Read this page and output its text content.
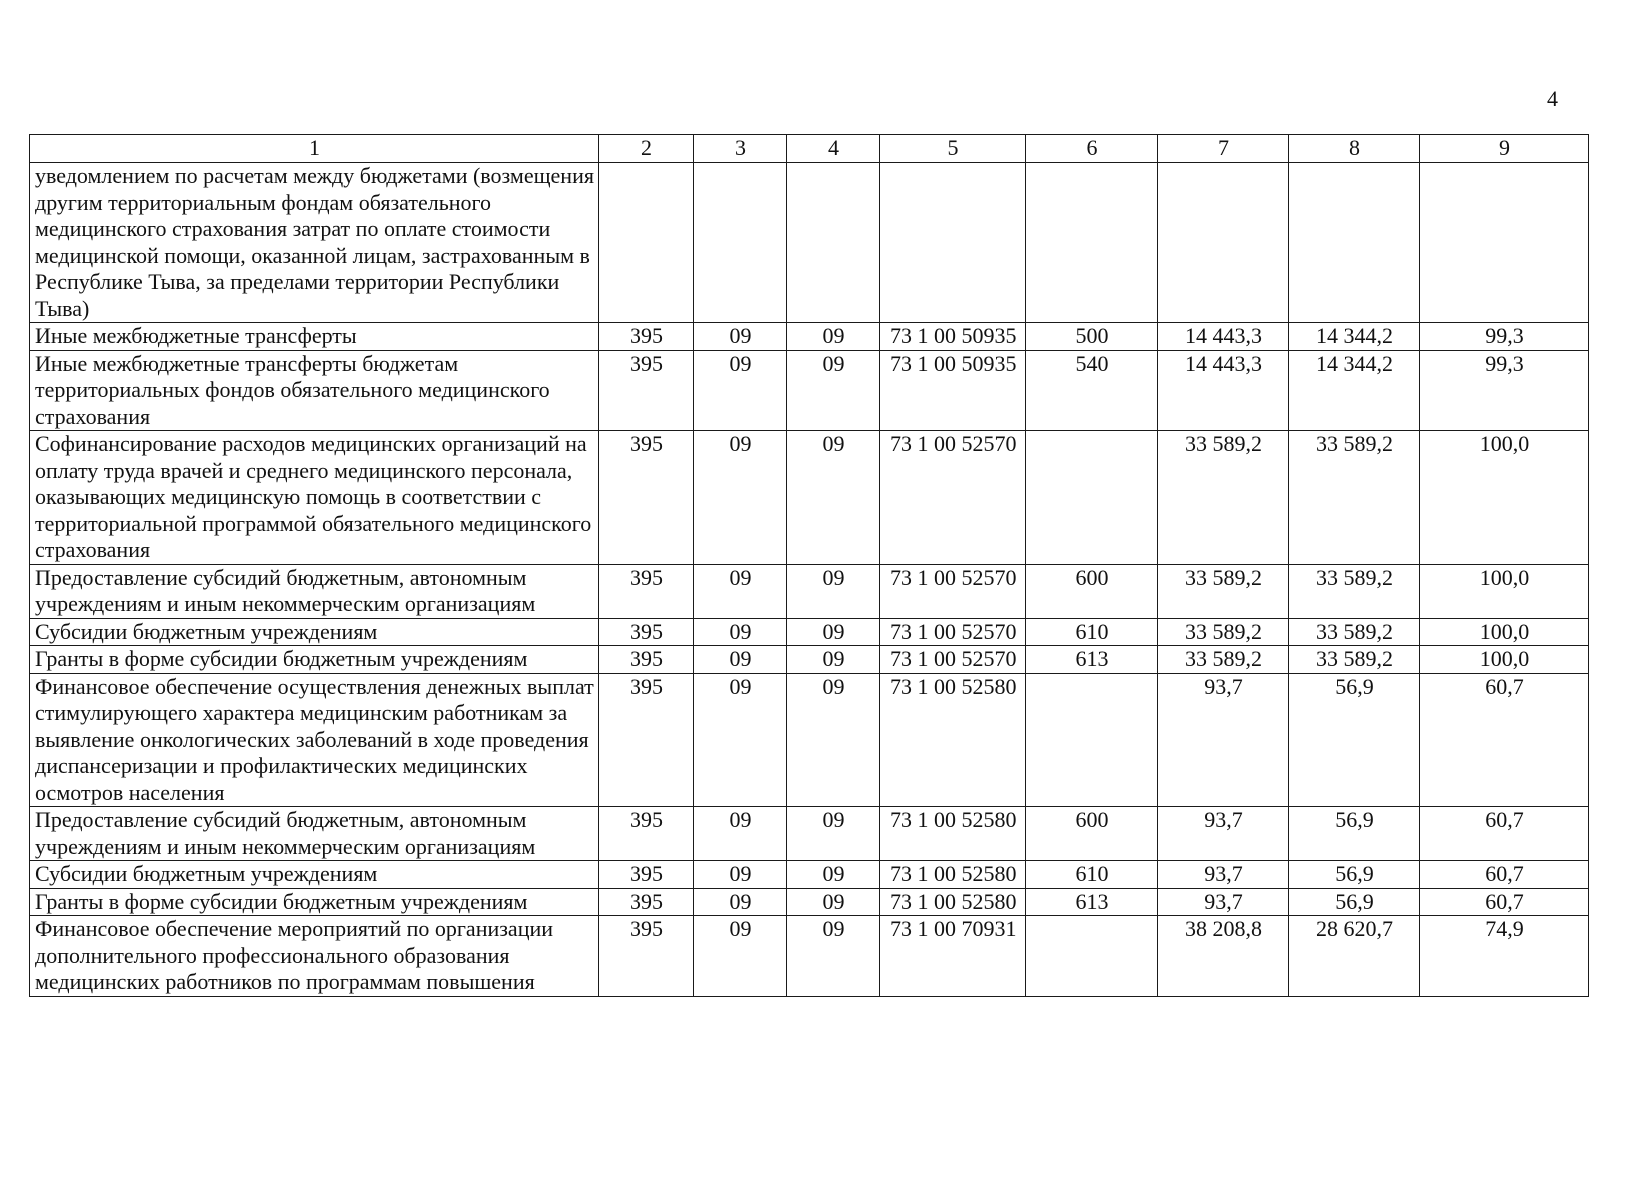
4
1	2	3	4	5	6	7	8	9
уведомлением по расчетам между бюджетами (возмещения другим территориальным фондам обязательного медицинского страхования затрат по оплате стоимости медицинской помощи, оказанной лицам, застрахованным в Республике Тыва, за пределами территории Республики Тыва)								
Иные межбюджетные трансферты	395	09	09	73 1 00 50935	500	14 443,3	14 344,2	99,3
Иные межбюджетные трансферты бюджетам территориальных фондов обязательного медицинского страхования	395	09	09	73 1 00 50935	540	14 443,3	14 344,2	99,3
Софинансирование расходов медицинских организаций на оплату труда врачей и среднего медицинского персонала, оказывающих медицинскую помощь в соответствии с территориальной программой обязательного медицинского страхования	395	09	09	73 1 00 52570		33 589,2	33 589,2	100,0
Предоставление субсидий бюджетным, автономным учреждениям и иным некоммерческим организациям	395	09	09	73 1 00 52570	600	33 589,2	33 589,2	100,0
Субсидии бюджетным учреждениям	395	09	09	73 1 00 52570	610	33 589,2	33 589,2	100,0
Гранты в форме субсидии бюджетным учреждениям	395	09	09	73 1 00 52570	613	33 589,2	33 589,2	100,0
Финансовое обеспечение осуществления денежных выплат стимулирующего характера медицинским работникам за выявление онкологических заболеваний в ходе проведения диспансеризации и профилактических медицинских осмотров населения	395	09	09	73 1 00 52580		93,7	56,9	60,7
Предоставление субсидий бюджетным, автономным учреждениям и иным некоммерческим организациям	395	09	09	73 1 00 52580	600	93,7	56,9	60,7
Субсидии бюджетным учреждениям	395	09	09	73 1 00 52580	610	93,7	56,9	60,7
Гранты в форме субсидии бюджетным учреждениям	395	09	09	73 1 00 52580	613	93,7	56,9	60,7
Финансовое обеспечение мероприятий по организации дополнительного профессионального образования медицинских работников по программам повышения	395	09	09	73 1 00 70931		38 208,8	28 620,7	74,9
